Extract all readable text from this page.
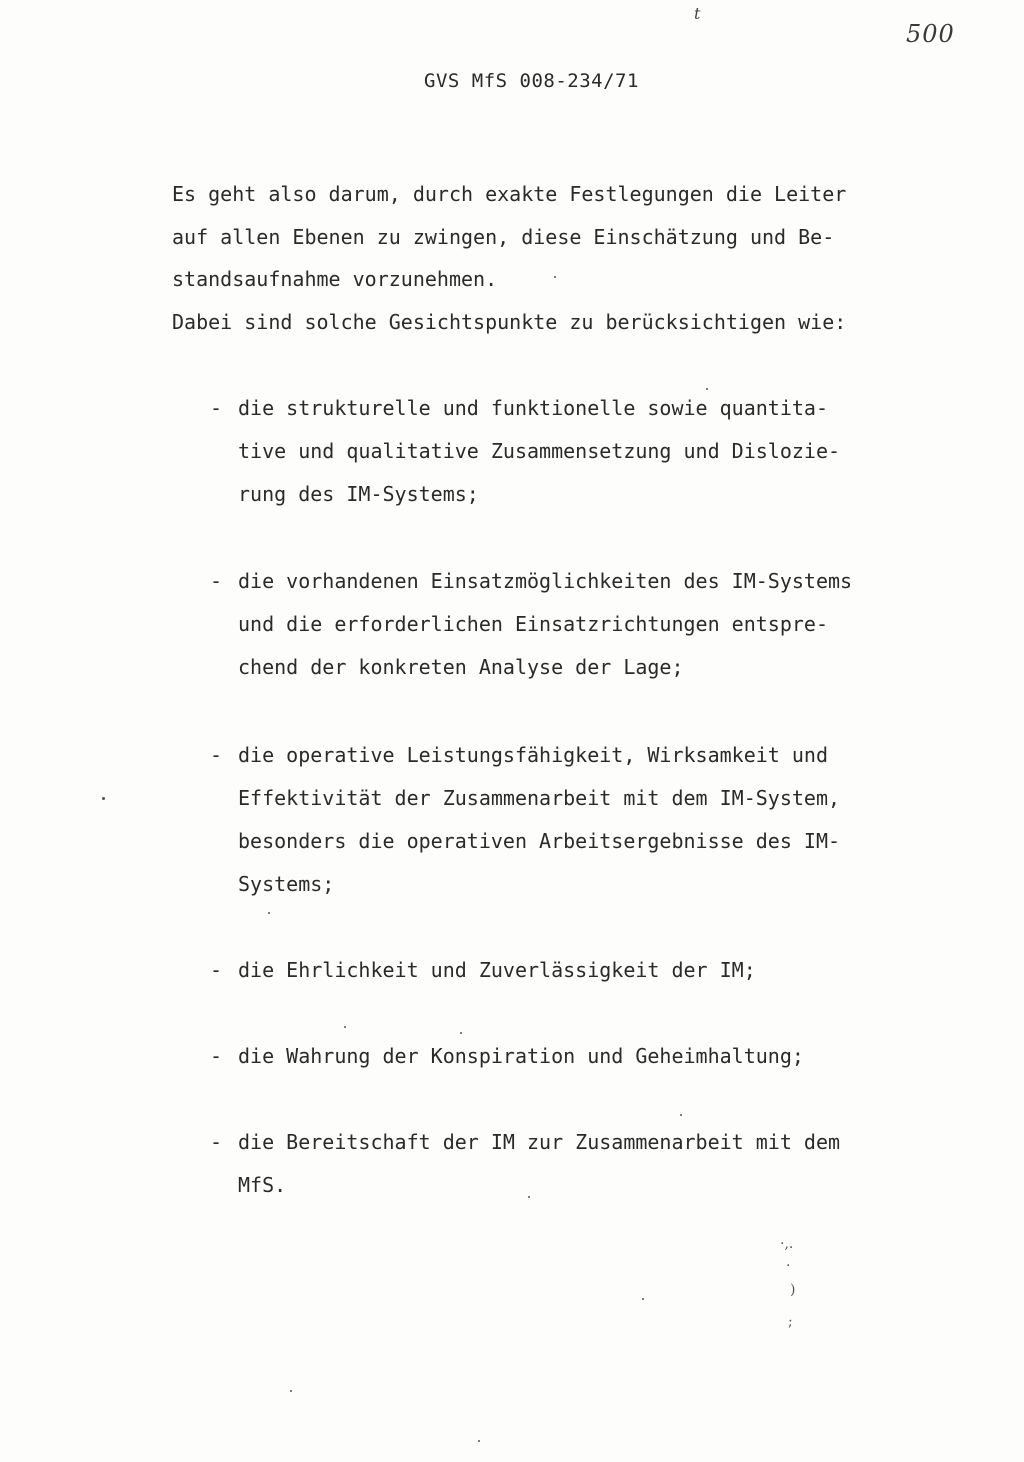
t
500
GVS MfS 008-234/71
Es geht also darum, durch exakte Festlegungen die Leiter
auf allen Ebenen zu zwingen, diese Einschätzung und Be-
standsaufnahme vorzunehmen.
Dabei sind solche Gesichtspunkte zu berücksichtigen wie:
- die strukturelle und funktionelle sowie quantita-
tive und qualitative Zusammensetzung und Dislozie-
rung des IM-Systems;
- die vorhandenen Einsatzmöglichkeiten des IM-Systems
und die erforderlichen Einsatzrichtungen entspre-
chend der konkreten Analyse der Lage;
- die operative Leistungsfähigkeit, Wirksamkeit und
Effektivität der Zusammenarbeit mit dem IM-System,
besonders die operativen Arbeitsergebnisse des IM-
Systems;
- die Ehrlichkeit und Zuverlässigkeit der IM;
- die Wahrung der Konspiration und Geheimhaltung;
- die Bereitschaft der IM zur Zusammenarbeit mit dem
MfS.
·,.
·
)
;
